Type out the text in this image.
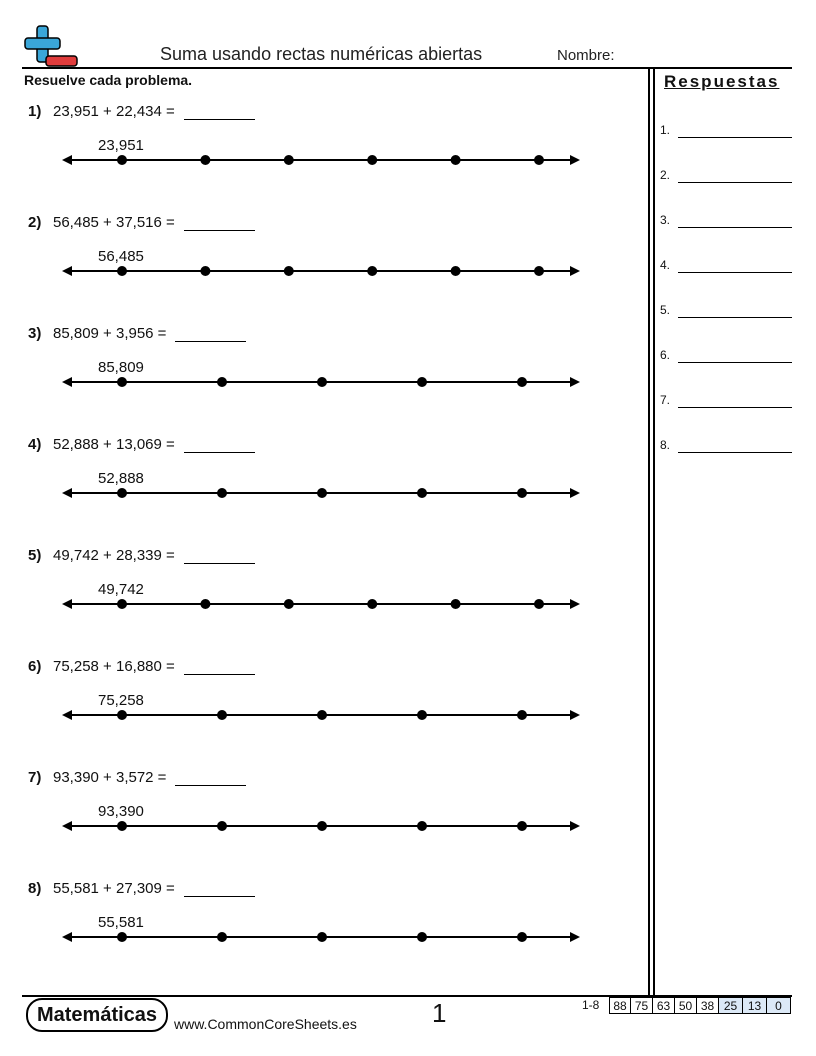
Suma usando rectas numéricas abiertas	Nombre:
Resuelve cada problema.	Respuestas
1.
2.
3.
4.
5.
6.
7.
8.
1) 23,951 + 22,434 =
23,951
2) 56,485 + 37,516 =
56,485
3) 85,809 + 3,956 =
85,809
4) 52,888 + 13,069 =
52,888
5) 49,742 + 28,339 =
49,742
6) 75,258 + 16,880 =
75,258
7) 93,390 + 3,572 =
93,390
8) 55,581 + 27,309 =
55,581
Matemáticas	www.CommonCoreSheets.es	1	1-8	88 75 63 50 38 25 13	0
